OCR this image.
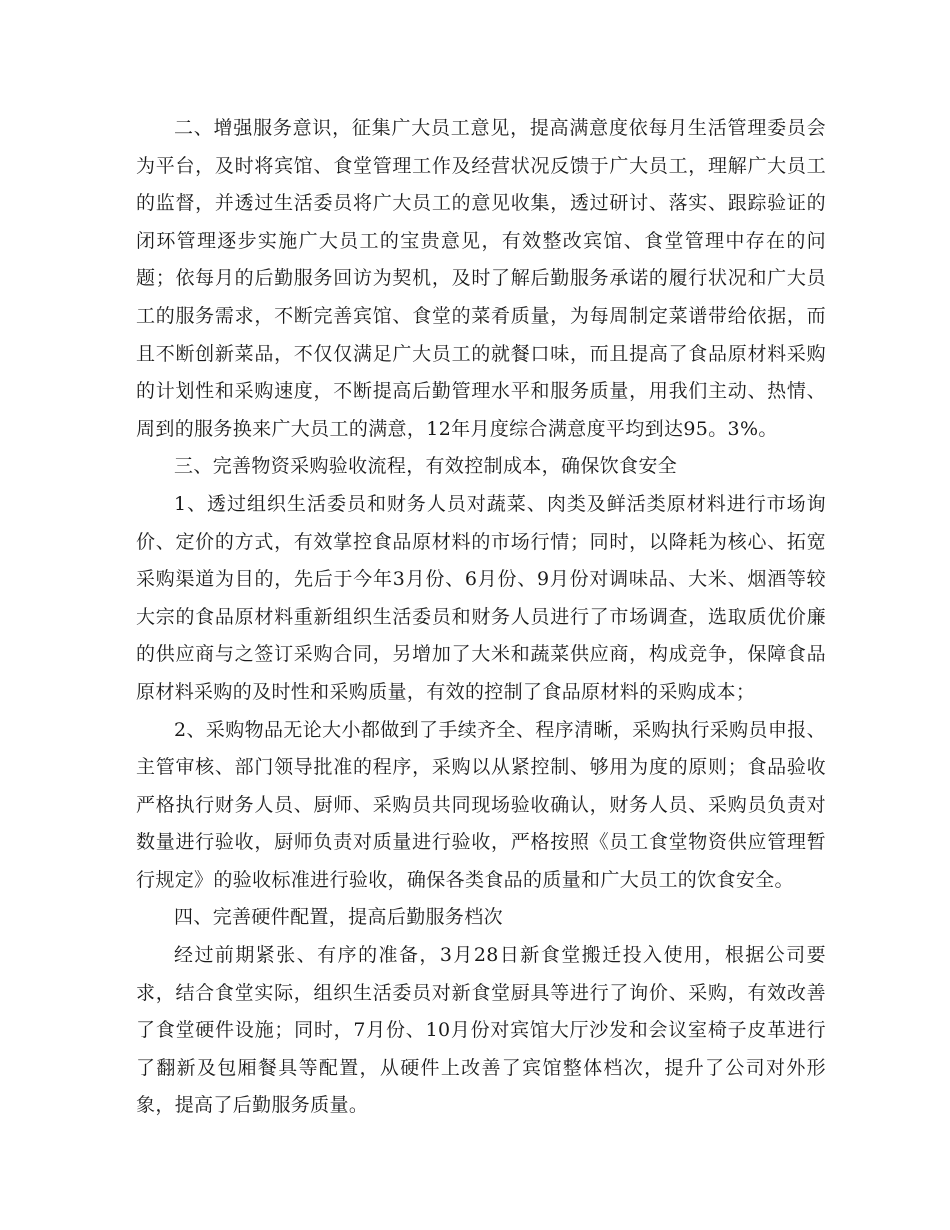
二、增强服务意识，征集广大员工意见，提高满意度依每月生活管理委员会为平台，及时将宾馆、食堂管理工作及经营状况反馈于广大员工，理解广大员工的监督，并透过生活委员将广大员工的意见收集，透过研讨、落实、跟踪验证的闭环管理逐步实施广大员工的宝贵意见，有效整改宾馆、食堂管理中存在的问题；依每月的后勤服务回访为契机，及时了解后勤服务承诺的履行状况和广大员工的服务需求，不断完善宾馆、食堂的菜肴质量，为每周制定菜谱带给依据，而且不断创新菜品，不仅仅满足广大员工的就餐口味，而且提高了食品原材料采购的计划性和采购速度，不断提高后勤管理水平和服务质量，用我们主动、热情、周到的服务换来广大员工的满意，12年月度综合满意度平均到达95。3%。

三、完善物资采购验收流程，有效控制成本，确保饮食安全

1、透过组织生活委员和财务人员对蔬菜、肉类及鲜活类原材料进行市场询价、定价的方式，有效掌控食品原材料的市场行情；同时，以降耗为核心、拓宽采购渠道为目的，先后于今年3月份、6月份、9月份对调味品、大米、烟酒等较大宗的食品原材料重新组织生活委员和财务人员进行了市场调查，选取质优价廉的供应商与之签订采购合同，另增加了大米和蔬菜供应商，构成竞争，保障食品原材料采购的及时性和采购质量，有效的控制了食品原材料的采购成本；

2、采购物品无论大小都做到了手续齐全、程序清晰，采购执行采购员申报、主管审核、部门领导批准的程序，采购以从紧控制、够用为度的原则；食品验收严格执行财务人员、厨师、采购员共同现场验收确认，财务人员、采购员负责对数量进行验收，厨师负责对质量进行验收，严格按照《员工食堂物资供应管理暂行规定》的验收标准进行验收，确保各类食品的质量和广大员工的饮食安全。

四、完善硬件配置，提高后勤服务档次

经过前期紧张、有序的准备，3月28日新食堂搬迁投入使用，根据公司要求，结合食堂实际，组织生活委员对新食堂厨具等进行了询价、采购，有效改善了食堂硬件设施；同时，7月份、10月份对宾馆大厅沙发和会议室椅子皮革进行了翻新及包厢餐具等配置，从硬件上改善了宾馆整体档次，提升了公司对外形象，提高了后勤服务质量。
